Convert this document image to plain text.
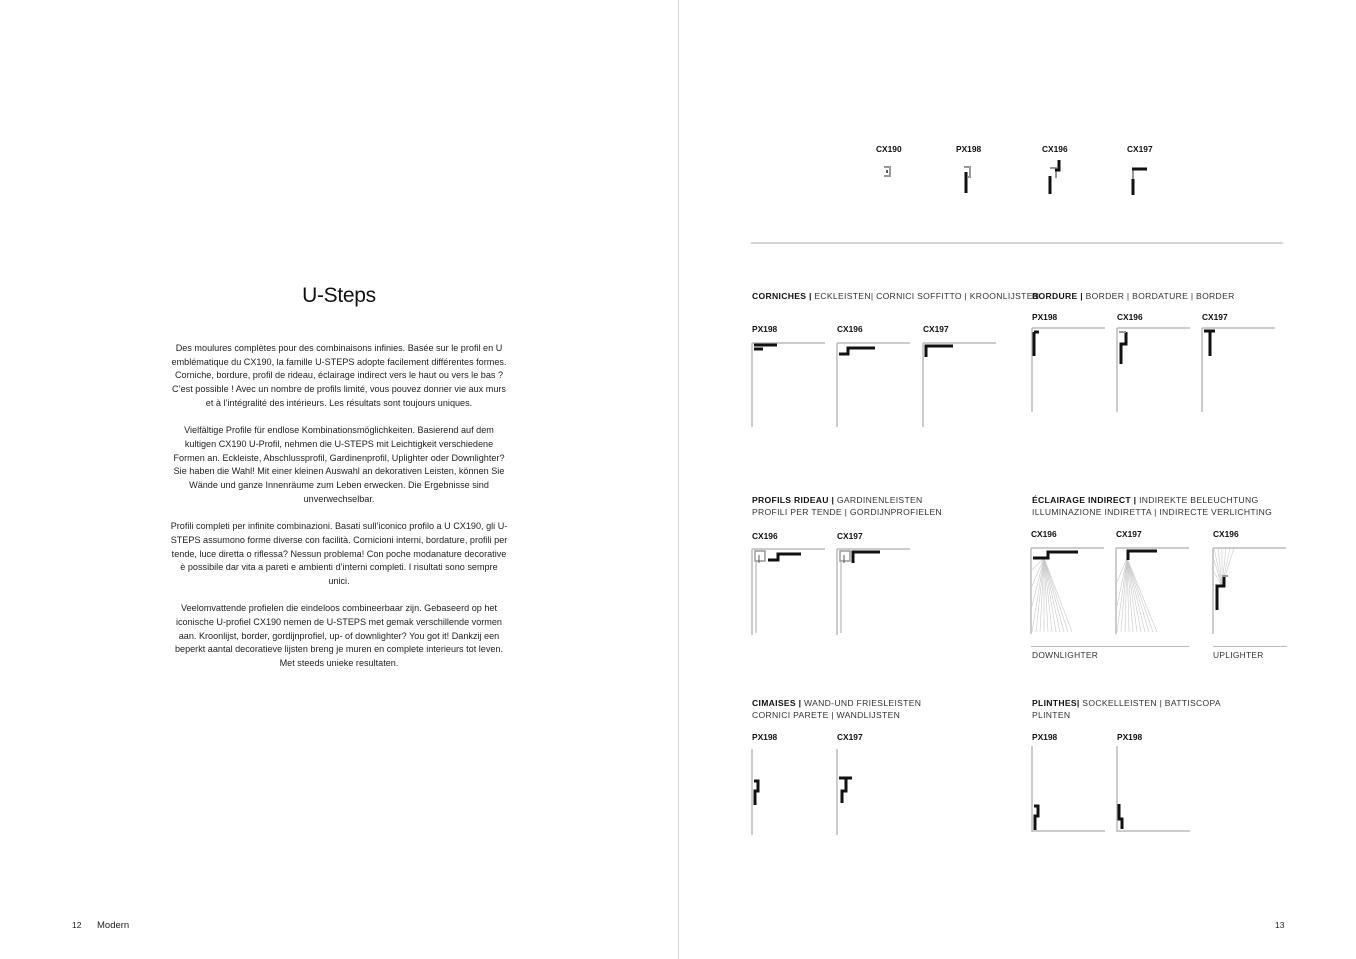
U-Steps

Des moulures complètes pour des combinaisons infinies. Basée sur le profil en U emblématique du CX190, la famille U-STEPS adopte facilement différentes formes. Corniche, bordure, profil de rideau, éclairage indirect vers le haut ou vers le bas ? C’est possible ! Avec un nombre de profils limité, vous pouvez donner vie aux murs et à l’intégralité des intérieurs. Les résultats sont toujours uniques.

Vielfältige Profile für endlose Kombinationsmöglichkeiten. Basierend auf dem kultigen CX190 U-Profil, nehmen die U-STEPS mit Leichtigkeit verschiedene Formen an. Eckleiste, Abschlussprofil, Gardinenprofil, Uplighter oder Downlighter? Sie haben die Wahl! Mit einer kleinen Auswahl an dekorativen Leisten, können Sie Wände und ganze Innenräume zum Leben erwecken. Die Ergebnisse sind unverwechselbar.

Profili completi per infinite combinazioni. Basati sull’iconico profilo a U CX190, gli U-STEPS assumono forme diverse con facilità. Cornicioni interni, bordature, profili per tende, luce diretta o riflessa? Nessun problema! Con poche modanature decorative è possibile dar vita a pareti e ambienti d’interni completi. I risultati sono sempre unici.

Veelomvattende profielen die eindeloos combineerbaar zijn. Gebaseerd op het iconische U-profiel CX190 nemen de U-STEPS met gemak verschillende vormen aan. Kroonlijst, border, gordijnprofiel, up- of downlighter? You got it! Dankzij een beperkt aantal decoratieve lijsten breng je muren en complete interieurs tot leven. Met steeds unieke resultaten.

12 Modern	13
CX190	PX198	CX196	CX197
CORNICHES | ECKLEISTEN| CORNICI SOFFITTO | KROONLIJSTEN
PX198	CX196	CX197
BORDURE | BORDER | BORDATURE | BORDER
PX198	CX196	CX197
PROFILS RIDEAU | GARDINENLEISTEN
PROFILI PER TENDE | GORDIJNPROFIELEN
CX196	CX197
ÉCLAIRAGE INDIRECT | INDIREKTE BELEUCHTUNG
ILLUMINAZIONE INDIRETTA | INDIRECTE VERLICHTING
CX196	CX197	CX196
DOWNLIGHTER	UPLIGHTER
CIMAISES | WAND-UND FRIESLEISTEN
CORNICI PARETE | WANDLIJSTEN
PX198	CX197
PLINTHES| SOCKELLEISTEN | BATTISCOPA
PLINTEN
PX198	PX198
